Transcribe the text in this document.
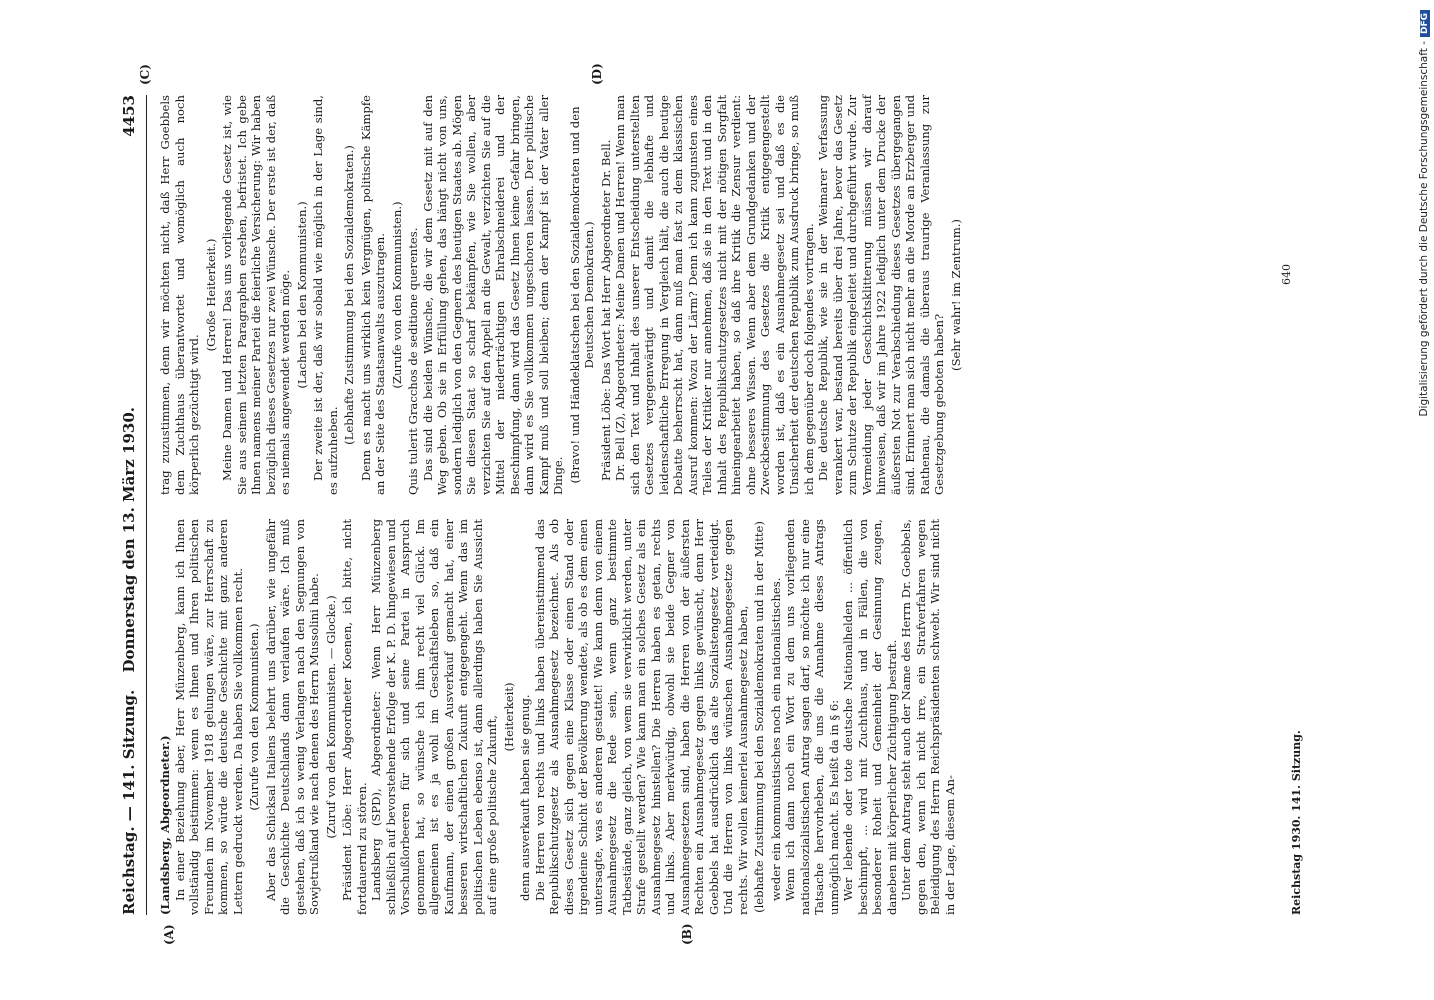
Reichstag. — 141. Sitzung. Donnerstag den 13. März 1930.
4453
(A)	(B)
(C)	(D)

(Landsberg, Abgeordneter.) In einer Beziehung aber, Herr Münzenberg, kann ich Ihnen vollständig beistimmen: wenn es Ihnen und Ihren politischen Freunden im November 1918 gelungen wäre, zur Herrschaft zu kommen, so würde die deutsche Geschichte mit ganz anderen Lettern gedruckt werden. Da haben Sie vollkommen recht. (Zurufe von den Kommunisten.) Aber das Schicksal Italiens belehrt uns darüber, wie ungefähr die Geschichte Deutschlands dann verlaufen wäre. Ich muß gestehen, daß ich so wenig Verlangen nach den Segnungen von Sowjetrußland wie nach denen des Herrn Mussolini habe. (Zuruf von den Kommunisten. — Glocke.) Präsident Löbe: Herr Abgeordneter Koenen, ich bitte, nicht fortdauernd zu stören. Landsberg (SPD), Abgeordneter: Wenn Herr Münzenberg schließlich auf bevorstehende Erfolge der K. P. D. hingewiesen und Vorschußlorbeeren für sich und seine Partei in Anspruch genommen hat, so wünsche ich ihm recht viel Glück. Im allgemeinen ist es ja wohl im Geschäftsleben so, daß ein Kaufmann, der einen großen Ausverkauf gemacht hat, einer besseren wirtschaftlichen Zukunft entgegengeht. Wenn das im politischen Leben ebenso ist, dann allerdings haben Sie Aussicht auf eine große politische Zukunft, (Heiterkeit) denn ausverkauft haben sie genug. Die Herren von rechts und links haben übereinstimmend das Republikschutzgesetz als Ausnahmegesetz bezeichnet. Als ob dieses Gesetz sich gegen eine Klasse oder einen Stand oder irgendeine Schicht der Bevölkerung wendete, als ob es dem einen untersagte, was es anderen gestattet! Wie kann denn von einem Ausnahmegesetz die Rede sein, wenn ganz bestimmte Tatbestände, ganz gleich, von wem sie verwirklicht werden, unter Strafe gestellt werden? Wie kann man ein solches Gesetz als ein Ausnahmegesetz hinstellen? Die Herren haben es getan, rechts und links. Aber merkwürdig, obwohl sie beide Gegner von Ausnahmegesetzen sind, haben die Herren von der äußersten Rechten ein Ausnahmegesetz gegen links gewünscht, denn Herr Goebbels hat ausdrücklich das alte Sozialistengesetz verteidigt. Und die Herren von links wünschen Ausnahmegesetze gegen rechts. Wir wollen keinerlei Ausnahmegesetz haben, (lebhafte Zustimmung bei den Sozialdemokraten und in der Mitte) weder ein kommunistisches noch ein nationalistisches. Wenn ich dann noch ein Wort zu dem uns vorliegenden nationalsozialistischen Antrag sagen darf, so möchte ich nur eine Tatsache hervorheben, die uns die Annahme dieses Antrags unmöglich macht. Es heißt da in § 6: Wer lebende oder tote deutsche Nationalhelden ... öffentlich beschimpft, ... wird mit Zuchthaus, und in Fällen, die von besonderer Roheit und Gemeinheit der Gesinnung zeugen, daneben mit körperlicher Züchtigung bestraft. Unter dem Antrag steht auch der Name des Herrn Dr. Goebbels, gegen den, wenn ich nicht irre, ein Strafverfahren wegen Beleidigung des Herrn Reichspräsidenten schwebt. Wir sind nicht in der Lage, diesem An-

trag zuzustimmen, denn wir möchten nicht, daß Herr Goebbels dem Zuchthaus überantwortet und womöglich auch noch körperlich gezüchtigt wird.

(Große Heiterkeit.) Meine Damen und Herren! Das uns vorliegende Gesetz ist, wie Sie aus seinem letzten Paragraphen ersehen, befristet. Ich gebe Ihnen namens meiner Partei die feierliche Versicherung: Wir haben bezüglich dieses Gesetzes nur zwei Wünsche. Der erste ist der, daß es niemals angewendet werden möge. (Lachen bei den Kommunisten.) Der zweite ist der, daß wir sobald wie möglich in der Lage sind, es aufzuheben.

(Lebhafte Zustimmung bei den Sozialdemokraten.) Denn es macht uns wirklich kein Vergnügen, politische Kämpfe an der Seite des Staatsanwalts auszutragen. (Zurufe von den Kommunisten.) Quis tulerit Gracchos de seditione querentes. Das sind die beiden Wünsche, die wir dem Gesetz mit auf den Weg geben. Ob sie in Erfüllung gehen, das hängt nicht von uns, sondern lediglich von den Gegnern des heutigen Staates ab. Mögen Sie diesen Staat so scharf bekämpfen, wie Sie wollen, aber verzichten Sie auf den Appell an die Gewalt, verzichten Sie auf die Mittel der niederträchtigen Ehrabschneiderei und der Beschimpfung, dann wird das Gesetz Ihnen keine Gefahr bringen, dann wird es Sie vollkommen ungeschoren lassen. Der politische Kampf muß und soll bleiben; denn der Kampf ist der Vater aller Dinge. (Bravo! und Händeklatschen bei den Sozialdemokraten und den Deutschen Demokraten.) Präsident Löbe: Das Wort hat Herr Abgeordneter Dr. Bell. Dr. Bell (Z), Abgeordneter: Meine Damen und Herren! Wenn man sich den Text und Inhalt des unserer Entscheidung unterstellten Gesetzes vergegenwärtigt und damit die lebhafte und leidenschaftliche Erregung in Vergleich hält, die auch die heutige Debatte beherrscht hat, dann muß man fast zu dem klassischen Ausruf kommen: Wozu der Lärm? Denn ich kann zugunsten eines Teiles der Kritiker nur annehmen, daß sie in den Text und in den Inhalt des Republikschutzgesetzes nicht mit der nötigen Sorgfalt hineingearbeitet haben, so daß ihre Kritik die Zensur verdient: ohne besseres Wissen. Wenn aber dem Grundgedanken und der Zweckbestimmung des Gesetzes die Kritik entgegengestellt worden ist, daß es ein Ausnahmegesetz sei und daß es die Unsicherheit der deutschen Republik zum Ausdruck bringe, so muß ich dem gegenüber doch folgendes vortragen. Die deutsche Republik, wie sie in der Weimarer Verfassung verankert war, bestand bereits über drei Jahre, bevor das Gesetz zum Schutze der Republik eingeleitet und durchgeführt wurde. Zur Vermeidung jeder Geschichtsklitterung müssen wir darauf hinweisen, daß wir im Jahre 1922 lediglich unter dem Drucke der äußersten Not zur Verabschiedung dieses Gesetzes übergegangen sind. Erinnert man sich nicht mehr an die Morde an Erzberger und Rathenau, die damals die überaus traurige Veranlassung zur Gesetzgebung geboten haben?

(Sehr wahr! im Zentrum.)	640
Reichstag 1930. 141. Sitzung.
Digitalisierung gefördert durch die Deutsche Forschungsgemeinschaft -DFG
